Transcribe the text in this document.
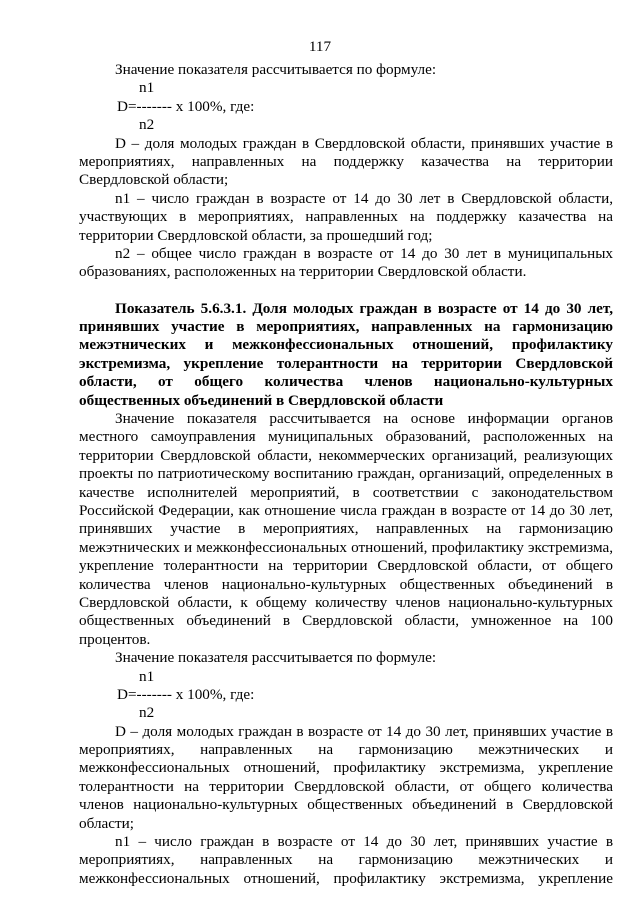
117
Значение показателя рассчитывается по формуле:
n1
D=------- х 100%, где:
n2
D – доля молодых граждан в Свердловской области, принявших участие в
мероприятиях, направленных на поддержку казачества на территории
Свердловской области;
n1 – число граждан в возрасте от 14 до 30 лет в Свердловской области,
участвующих в мероприятиях, направленных на поддержку казачества на
территории Свердловской области, за прошедший год;
n2 – общее число граждан в возрасте от 14 до 30 лет в муниципальных
образованиях, расположенных на территории Свердловской области.
Показатель 5.6.3.1. Доля молодых граждан в возрасте от 14 до 30 лет,
принявших участие в мероприятиях, направленных на гармонизацию
межэтнических и межконфессиональных отношений, профилактику
экстремизма, укрепление толерантности на территории Свердловской
области, от общего количества членов национально-культурных
общественных объединений в Свердловской области
Значение показателя рассчитывается на основе информации органов
местного самоуправления муниципальных образований, расположенных на
территории Свердловской области, некоммерческих организаций, реализующих
проекты по патриотическому воспитанию граждан, организаций, определенных в
качестве исполнителей мероприятий, в соответствии с законодательством
Российской Федерации, как отношение числа граждан в возрасте от 14 до 30 лет,
принявших участие в мероприятиях, направленных на гармонизацию
межэтнических и межконфессиональных отношений, профилактику экстремизма,
укрепление толерантности на территории Свердловской области, от общего
количества членов национально-культурных общественных объединений в
Свердловской области, к общему количеству членов национально-культурных
общественных объединений в Свердловской области, умноженное на 100
процентов.
Значение показателя рассчитывается по формуле:
n1
D=------- х 100%, где:
n2
D – доля молодых граждан в возрасте от 14 до 30 лет, принявших участие в
мероприятиях, направленных на гармонизацию межэтнических и
межконфессиональных отношений, профилактику экстремизма, укрепление
толерантности на территории Свердловской области, от общего количества
членов национально-культурных общественных объединений в Свердловской
области;
n1 – число граждан в возрасте от 14 до 30 лет, принявших участие в
мероприятиях, направленных на гармонизацию межэтнических и
межконфессиональных отношений, профилактику экстремизма, укрепление
